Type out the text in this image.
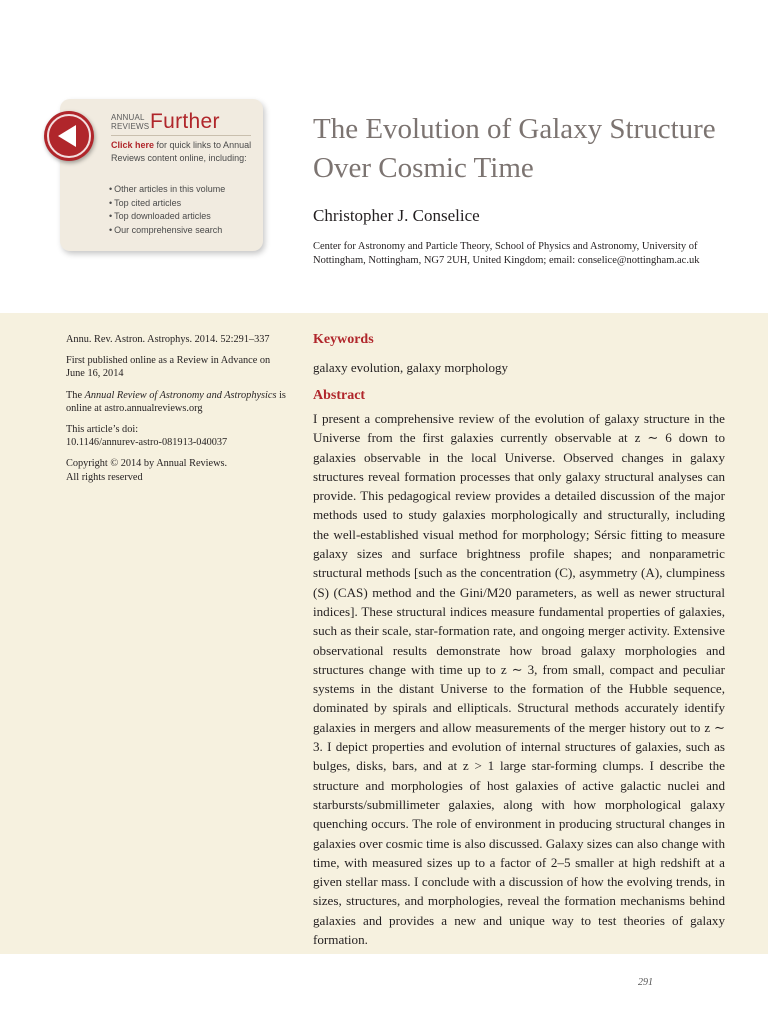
ANNUAL
REVIEWS Further
Click here for quick links to Annual Reviews content online, including:
• Other articles in this volume
• Top cited articles
• Top downloaded articles
• Our comprehensive search
The Evolution of Galaxy Structure Over Cosmic Time
Christopher J. Conselice
Center for Astronomy and Particle Theory, School of Physics and Astronomy, University of Nottingham, Nottingham, NG7 2UH, United Kingdom; email: conselice@nottingham.ac.uk

Annu. Rev. Astron. Astrophys. 2014. 52:291–337

First published online as a Review in Advance on June 16, 2014

The Annual Review of Astronomy and Astrophysics is online at astro.annualreviews.org

This article’s doi:
10.1146/annurev-astro-081913-040037

Copyright © 2014 by Annual Reviews.
All rights reserved

Keywords
galaxy evolution, galaxy morphology
Abstract

I present a comprehensive review of the evolution of galaxy structure in the Universe from the first galaxies currently observable at z ∼ 6 down to galaxies observable in the local Universe. Observed changes in galaxy structures reveal formation processes that only galaxy structural analyses can provide. This pedagogical review provides a detailed discussion of the major methods used to study galaxies morphologically and structurally, including the well-established visual method for morphology; Sérsic fitting to measure galaxy sizes and surface brightness profile shapes; and nonparametric structural methods [such as the concentration (C), asymmetry (A), clumpiness (S) (CAS) method and the Gini/M20 parameters, as well as newer structural indices]. These structural indices measure fundamental properties of galaxies, such as their scale, star-formation rate, and ongoing merger activity. Extensive observational results demonstrate how broad galaxy morphologies and structures change with time up to z ∼ 3, from small, compact and peculiar systems in the distant Universe to the formation of the Hubble sequence, dominated by spirals and ellipticals. Structural methods accurately identify galaxies in mergers and allow measurements of the merger history out to z ∼ 3. I depict properties and evolution of internal structures of galaxies, such as bulges, disks, bars, and at z > 1 large star-forming clumps. I describe the structure and morphologies of host galaxies of active galactic nuclei and starbursts/submillimeter galaxies, along with how morphological galaxy quenching occurs. The role of environment in producing structural changes in galaxies over cosmic time is also discussed. Galaxy sizes can also change with time, with measured sizes up to a factor of 2–5 smaller at high redshift at a given stellar mass. I conclude with a discussion of how the evolving trends, in sizes, structures, and morphologies, reveal the formation mechanisms behind galaxies and provides a new and unique way to test theories of galaxy formation.

291
